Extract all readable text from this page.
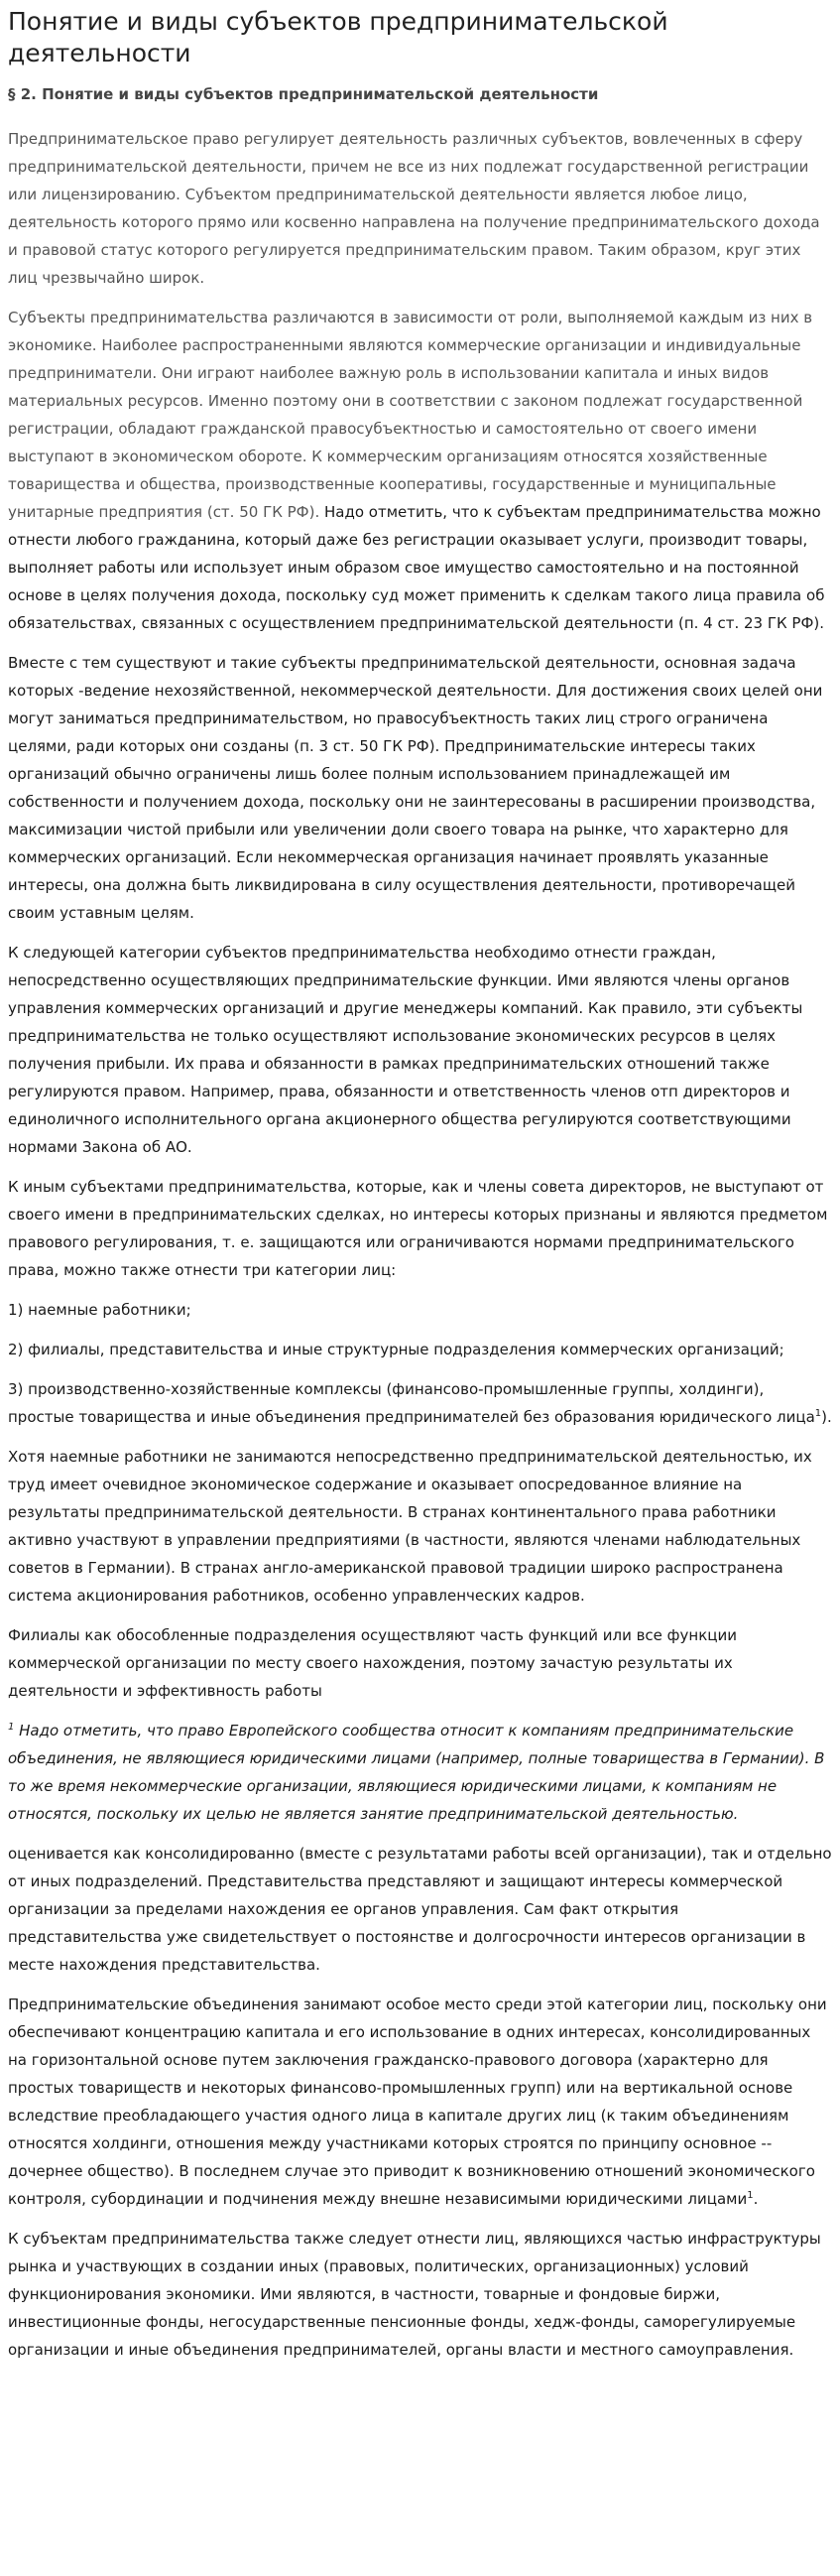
Понятие и виды субъектов предпринимательской деятельности
§ 2. Понятие и виды субъектов предпринимательской деятельности

Предпринимательское право регулирует деятельность различных субъектов, вовлеченных в сферу предпринимательской деятельности, причем не все из них подлежат государственной регистрации или лицензированию. Субъектом предпринимательской деятельности является любое лицо, деятельность которого прямо или косвенно направлена на получение предпринимательского дохода и правовой статус которого регулируется предпринимательским правом. Таким образом, круг этих лиц чрезвычайно широк.

Субъекты предпринимательства различаются в зависимости от роли, выполняемой каждым из них в экономике. Наиболее распространенными являются коммерческие организации и индивидуальные предприниматели. Они играют наиболее важную роль в использовании капитала и иных видов материальных ресурсов. Именно поэтому они в соответствии с законом подлежат государственной регистрации, обладают гражданской правосубъектностью и самостоятельно от своего имени выступают в экономическом обороте. К коммерческим организациям относятся хозяйственные товарищества и общества, производственные кооперативы, государственные и муниципальные унитарные предприятия (ст. 50 ГК РФ). Надо отметить, что к субъектам предпринимательства можно отнести любого гражданина, который даже без регистрации оказывает услуги, производит товары, выполняет работы или использует иным образом свое имущество самостоятельно и на постоянной основе в целях получения дохода, поскольку суд может применить к сделкам такого лица правила об обязательствах, связанных с осуществлением предпринимательской деятельности (п. 4 ст. 23 ГК РФ).

Вместе с тем существуют и такие субъекты предпринимательской деятельности, основная задача которых -ведение нехозяйственной, некоммерческой деятельности. Для достижения своих целей они могут заниматься предпринимательством, но правосубъектность таких лиц строго ограничена целями, ради которых они созданы (п. 3 ст. 50 ГК РФ). Предпринимательские интересы таких организаций обычно ограничены лишь более полным использованием принадлежащей им собственности и получением дохода, поскольку они не заинтересованы в расширении производства, максимизации чистой прибыли или увеличении доли своего товара на рынке, что характерно для коммерческих организаций. Если некоммерческая организация начинает проявлять указанные интересы, она должна быть ликвидирована в силу осуществления деятельности, противоречащей своим уставным целям.

К следующей категории субъектов предпринимательства необходимо отнести граждан, непосредственно осуществляющих предпринимательские функции. Ими являются члены органов управления коммерческих организаций и другие менеджеры компаний. Как правило, эти субъекты предпринимательства не только осуществляют использование экономических ресурсов в целях получения прибыли. Их права и обязанности в рамках предпринимательских отношений также регулируются правом. Например, права, обязанности и ответственность членов отп директоров и единоличного исполнительного органа акционерного общества регулируются соответствующими нормами Закона об АО.

К иным субъектами предпринимательства, которые, как и члены совета директоров, не выступают от своего имени в предпринимательских сделках, но интересы которых признаны и являются предметом правового регулирования, т. е. защищаются или ограничиваются нормами предпринимательского права, можно также отнести три категории лиц:

1) наемные работники;

2) филиалы, представительства и иные структурные подразделения коммерческих организаций;

3) производственно-хозяйственные комплексы (финансово-промышленные группы, холдинги), простые товарищества и иные объединения предпринимателей без образования юридического лица$^1$).

Хотя наемные работники не занимаются непосредственно предпринимательской деятельностью, их труд имеет очевидное экономическое содержание и оказывает опосредованное влияние на результаты предпринимательской деятельности. В странах континентального права работники активно участвуют в управлении предприятиями (в частности, являются членами наблюдательных советов в Германии). В странах англо-американской правовой традиции широко распространена система акционирования работников, особенно управленческих кадров.

Филиалы как обособленные подразделения осуществляют часть функций или все функции коммерческой организации по месту своего нахождения, поэтому зачастую результаты их деятельности и эффективность работы

$^1$ Надо отметить, что право Европейского сообщества относит к компаниям предпринимательские объединения, не являющиеся юридическими лицами (например, полные товарищества в Германии). В то же время некоммерческие организации, являющиеся юридическими лицами, к компаниям не относятся, поскольку их целью не является занятие предпринимательской деятельностью.

оценивается как консолидированно (вместе с результатами работы всей организации), так и отдельно от иных подразделений. Представительства представляют и защищают интересы коммерческой организации за пределами нахождения ее органов управления. Сам факт открытия представительства уже свидетельствует о постоянстве и долгосрочности интересов организации в месте нахождения представительства.

Предпринимательские объединения занимают особое место среди этой категории лиц, поскольку они обеспечивают концентрацию капитала и его использование в одних интересах, консолидированных на горизонтальной основе путем заключения гражданско-правового договора (характерно для простых товариществ и некоторых финансово-промышленных групп) или на вертикальной основе вследствие преобладающего участия одного лица в капитале других лиц (к таким объединениям относятся холдинги, отношения между участниками которых строятся по принципу основное -- дочернее общество). В последнем случае это приводит к возникновению отношений экономического контроля, субординации и подчинения между внешне независимыми юридическими лицами$^1$.

К субъектам предпринимательства также следует отнести лиц, являющихся частью инфраструктуры рынка и участвующих в создании иных (правовых, политических, организационных) условий функционирования экономики. Ими являются, в частности, товарные и фондовые биржи, инвестиционные фонды, негосударственные пенсионные фонды, хедж-фонды, саморегулируемые организации и иные объединения предпринимателей, органы власти и местного самоуправления.
